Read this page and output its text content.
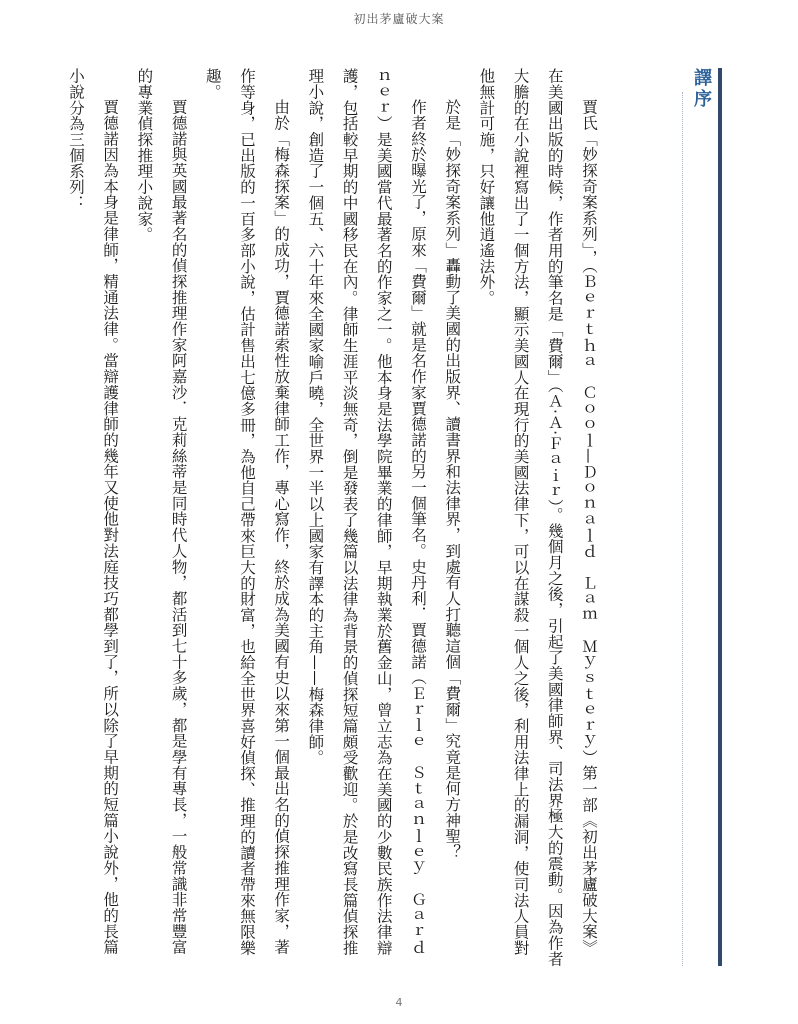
初出茅廬破大案
譯序

賈氏「妙探奇案系列」，（Ｂｅｒｔｈａ　Ｃｏｏｌ—Ｄｏｎａｌｄ　Ｌａｍ　Ｍｙｓｔｅｒｙ）第一部《初出茅廬破大案》在美國出版的時候，作者用的筆名是「費爾」（Ａ·Ａ·Ｆａｉｒ）。幾個月之後，引起了美國律師界、司法界極大的震動。因為作者大膽的在小說裡寫出了一個方法，顯示美國人在現行的美國法律下，可以在謀殺一個人之後，利用法律上的漏洞，使司法人員對他無計可施，只好讓他逍遙法外。

於是「妙探奇案系列」轟動了美國的出版界、讀書界和法律界，到處有人打聽這個「費爾」究竟是何方神聖？

作者終於曝光了，原來「費爾」就是名作家賈德諾的另一個筆名。史丹利．賈德諾（Ｅｒｌｅ　Ｓｔａｎｌｅｙ　Ｇａｒｄｎｅｒ）是美國當代最著名的作家之一。他本身是法學院畢業的律師，早期執業於舊金山，曾立志為在美國的少數民族作法律辯護，包括較早期的中國移民在內。律師生涯平淡無奇，倒是發表了幾篇以法律為背景的偵探短篇頗受歡迎。於是改寫長篇偵探推理小說，創造了一個五、六十年來全國家喻戶曉，全世界一半以上國家有譯本的主角——梅森律師。

由於「梅森探案」的成功，賈德諾索性放棄律師工作，專心寫作，終於成為美國有史以來第一個最出名的偵探推理作家，著作等身，已出版的一百多部小說，估計售出七億多冊，為他自己帶來巨大的財富，也給全世界喜好偵探、推理的讀者帶來無限樂趣。

賈德諾與英國最著名的偵探推理作家阿嘉沙．克莉絲蒂是同時代人物，都活到七十多歲，都是學有專長，一般常識非常豐富的專業偵探推理小說家。

賈德諾因為本身是律師，精通法律。當辯護律師的幾年又使他對法庭技巧都學到了，所以除了早期的短篇小說外，他的長篇小說分為三個系列：

4
